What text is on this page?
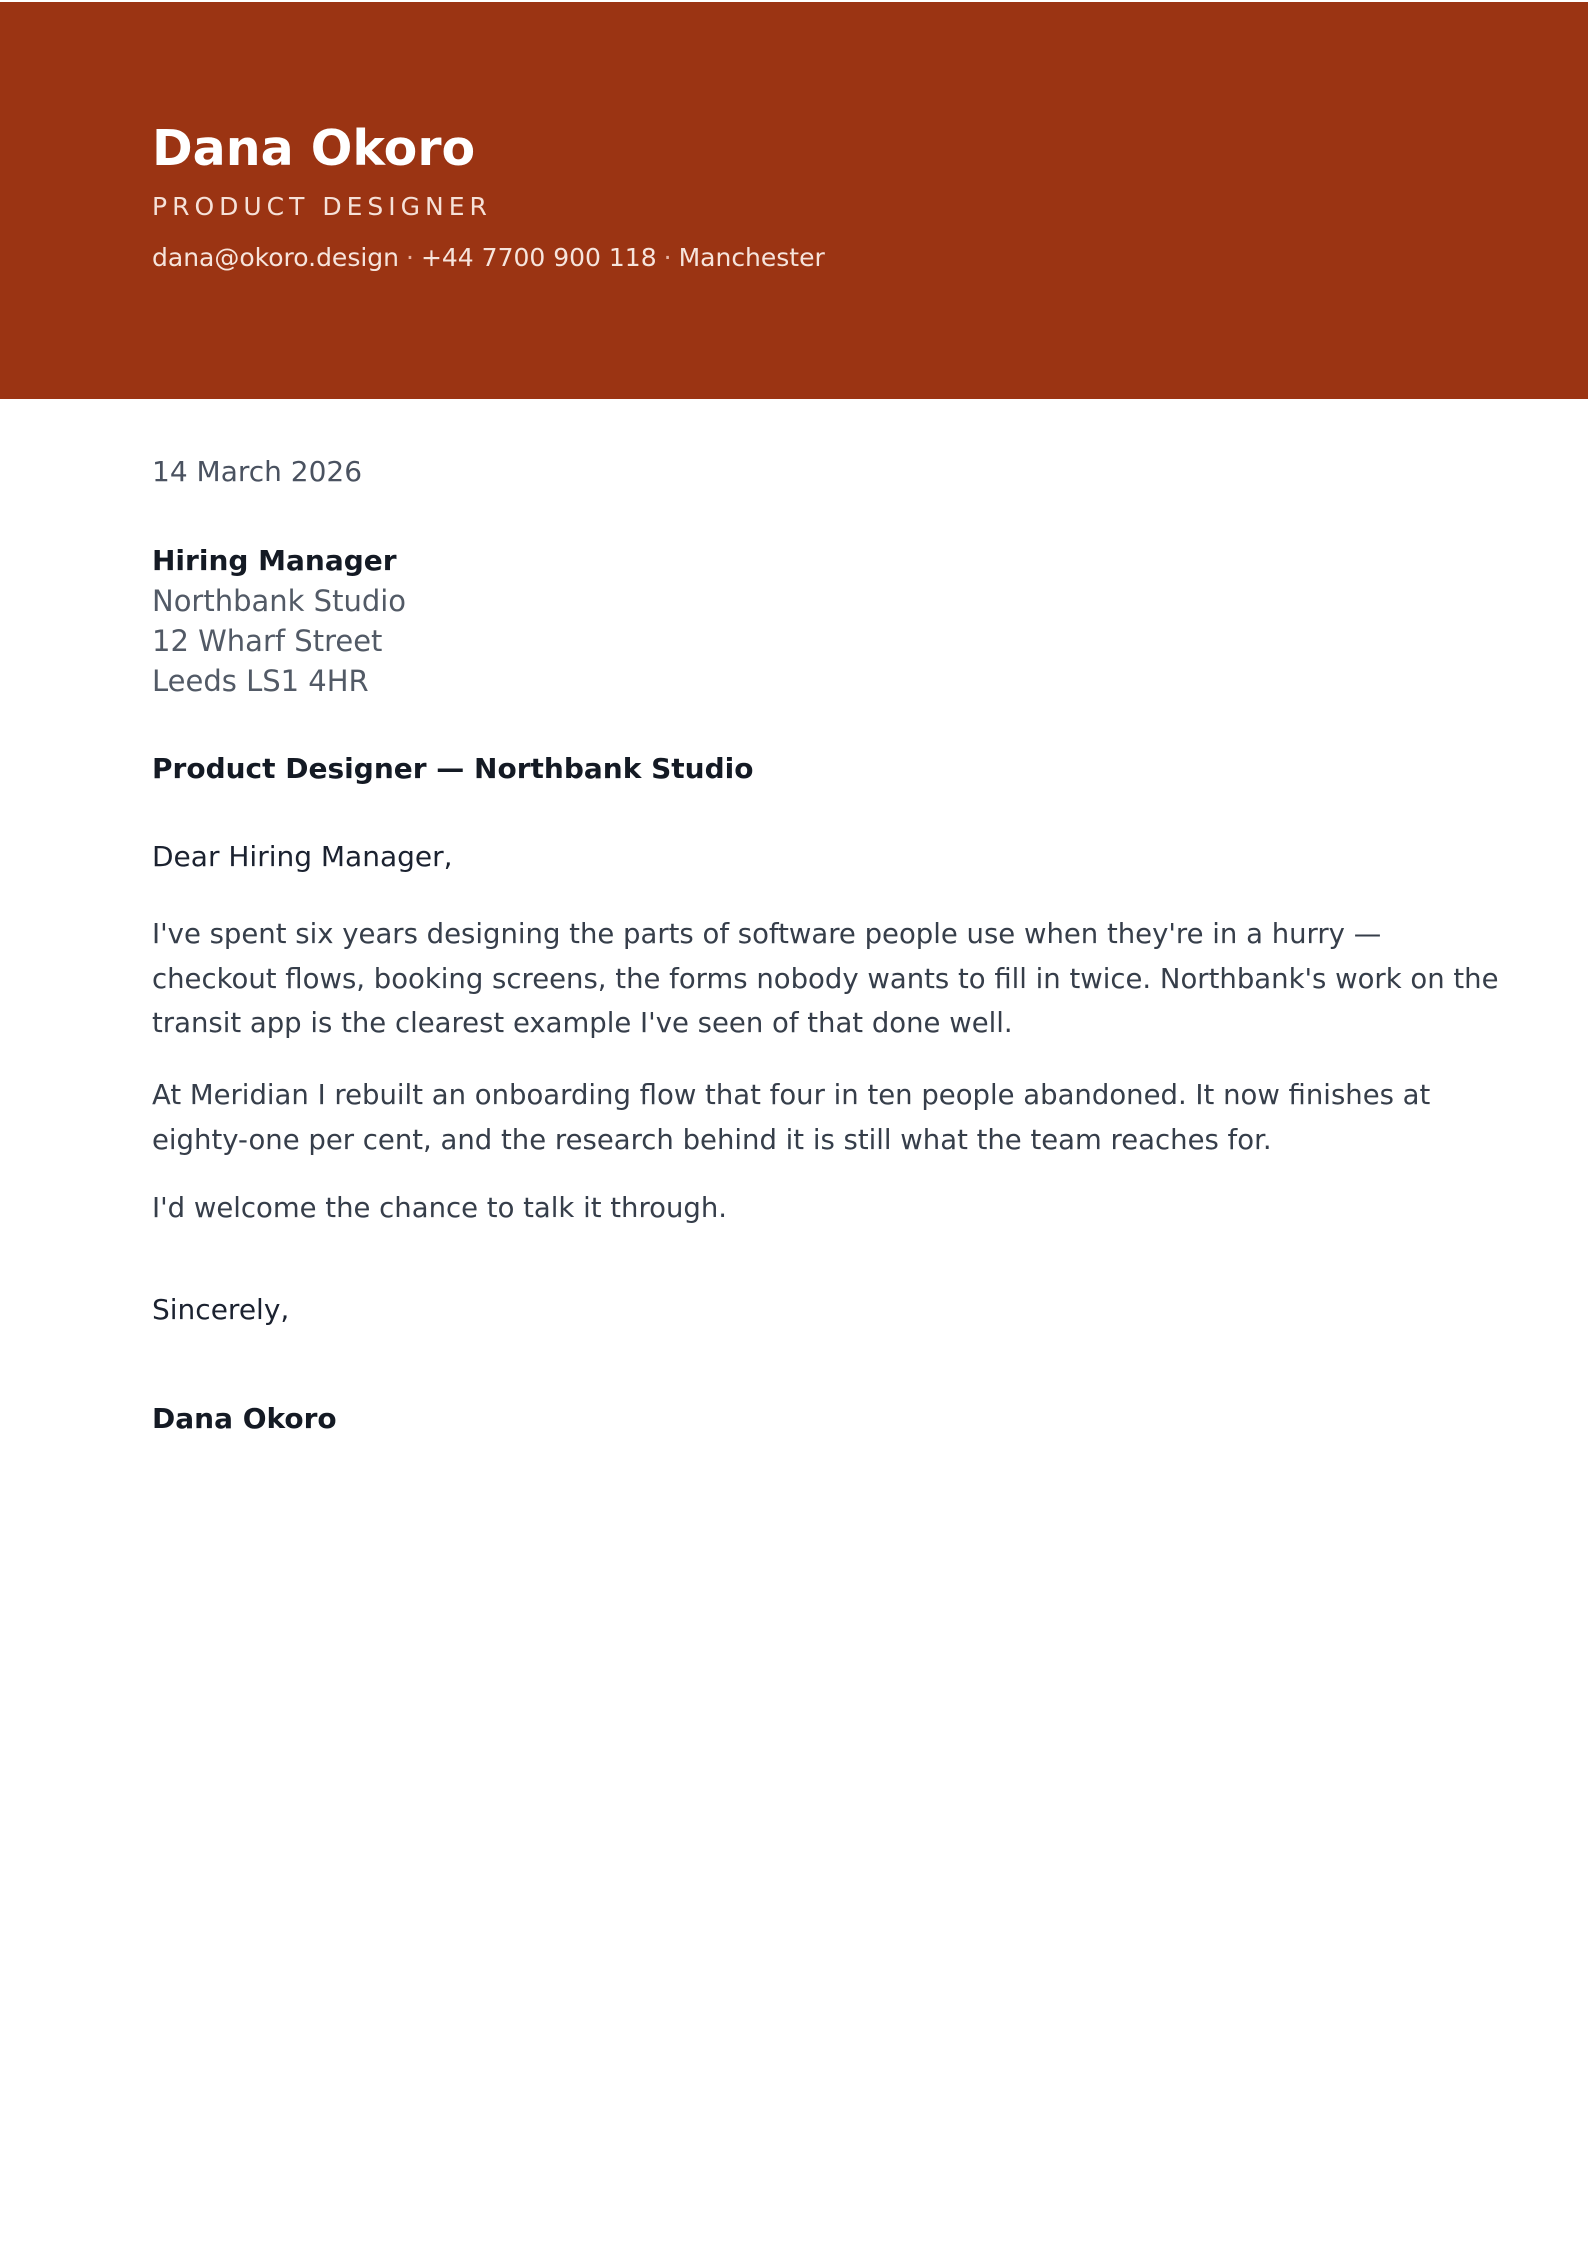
Dana Okoro
PRODUCT DESIGNER
dana@okoro.design · +44 7700 900 118 · Manchester
14 March 2026
Hiring Manager
Northbank Studio
12 Wharf Street
Leeds LS1 4HR
Product Designer — Northbank Studio
Dear Hiring Manager,
I've spent six years designing the parts of software people use when they're in a hurry —
checkout flows, booking screens, the forms nobody wants to fill in twice. Northbank's work on the
transit app is the clearest example I've seen of that done well.
At Meridian I rebuilt an onboarding flow that four in ten people abandoned. It now finishes at
eighty-one per cent, and the research behind it is still what the team reaches for.
I'd welcome the chance to talk it through.
Sincerely,
Dana Okoro
